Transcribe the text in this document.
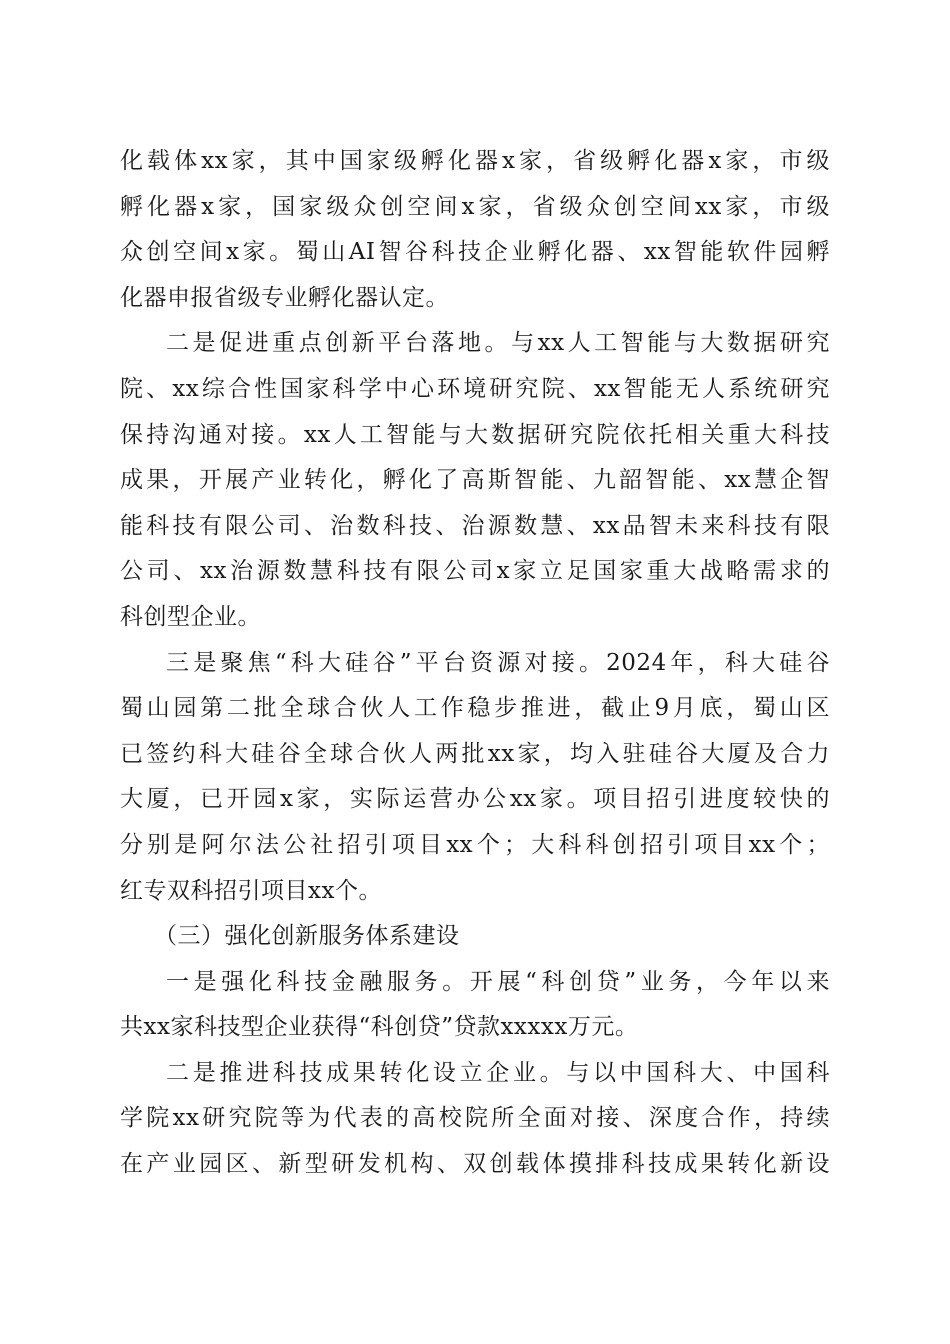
化载体xx家，其中国家级孵化器x家，省级孵化器x家，市级
孵化器x家，国家级众创空间x家，省级众创空间xx家，市级
众创空间x家。蜀山AI智谷科技企业孵化器、xx智能软件园孵
化器申报省级专业孵化器认定。
二是促进重点创新平台落地。与xx人工智能与大数据研究
院、xx综合性国家科学中心环境研究院、xx智能无人系统研究
保持沟通对接。xx人工智能与大数据研究院依托相关重大科技
成果，开展产业转化，孵化了高斯智能、九韶智能、xx慧企智
能科技有限公司、治数科技、治源数慧、xx品智未来科技有限
公司、xx治源数慧科技有限公司x家立足国家重大战略需求的
科创型企业。
三是聚焦“科大硅谷”平台资源对接。2024年，科大硅谷
蜀山园第二批全球合伙人工作稳步推进，截止9月底，蜀山区
已签约科大硅谷全球合伙人两批xx家，均入驻硅谷大厦及合力
大厦，已开园x家，实际运营办公xx家。项目招引进度较快的
分别是阿尔法公社招引项目xx个；大科科创招引项目xx个；
红专双科招引项目xx个。
（三）强化创新服务体系建设
一是强化科技金融服务。开展“科创贷”业务，今年以来
共xx家科技型企业获得“科创贷”贷款xxxxx万元。
二是推进科技成果转化设立企业。与以中国科大、中国科
学院xx研究院等为代表的高校院所全面对接、深度合作，持续
在产业园区、新型研发机构、双创载体摸排科技成果转化新设
